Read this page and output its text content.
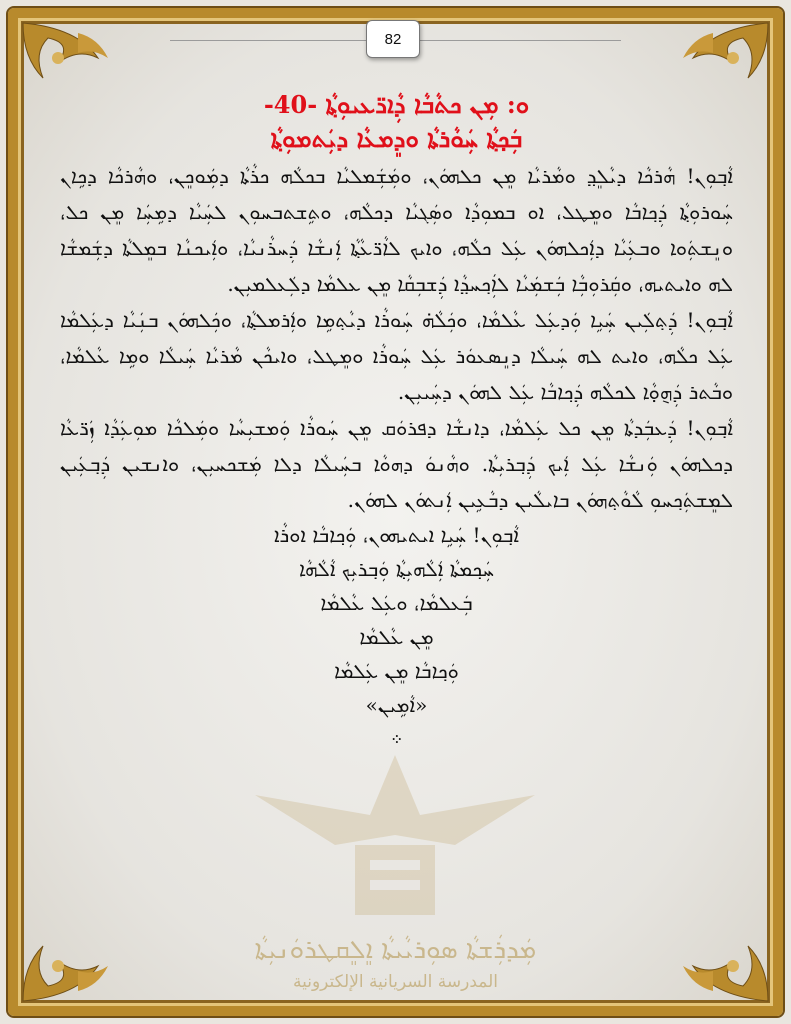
82
ܡܲܕܪܲܫܬܵܐ ܣܘܼܪܝܵܝܬܵܐ ܐܸܠܸܩܛܪܘܿܢܝܼܬܵܐ
المدرسة السريانية الإلكترونية

ܘ: ܡܼܢ ܟܬܵܒܵܐ ܕܼܵܐܪ̈ܥܝܘܼܬ݂ܵܐ -40-

ܒܲܟ̣ܬ݂ܵܐ ܚܲܘܵܪܬܵܐ ܘܕܸܡܥܵܐ ܕܝܲܬܡܘܼܬ݂ܵܐ

ܐܵܒ݂ܘܼܢ! ܗܵܪܟܵܐ ܕܝܵܠܸܕ݂ ܘܡܵܪܝܵܐ ܡܸܢ ܟܠܗܘܿܢ، ܘܡܲܫܲܡܠܝܵܐ ܒܟܠܵܗ ܟܪܵܬܵܐ ܕܡܲܘܟܸܢ، ܘܗܵܪܟܵܐ ܕܟܹܐܢ ܚܲܘܪܘܼܬ݂ܵܐ ܕܲܟ݂ܐܒܵܐ ܘܡܸܛܠ، ܐܘ ܒܡܘܼܕܵܐ ܘܣܲܓܝܵܐ ܕܟܠܵܗ، ܘܬܹܫܬܒܚܘܼܢ ܠܚܲܝܵܐ ܕܡܹܚܲܐ ܡܸܢ ܟܠ، ܘܢܸܫܬܲܘܐ ܘܒܥܲܝܵܐ ܕܐܲܟܠܗܘܿܢ ܥܲܠ ܟܠܵܗ، ܘܐܝܟ ܠܐܵܪ̈ܥܵܬ݂ܵܐ ܐܲܢܫܵܐ ܕܲܚܪܵܢܝܵܐ، ܘܐܲܝܟܢܵܐ ܒܡܸܠܬܵܐ ܕܫܲܡܫܵܐ ܠܗ ܘܐܝܬܝܗ، ܘܩܲܪܘܼܒܼܵܐ ܒܲܫܡܲܝܵܐ ܠܐܲܟ݂ܚܕ݂ܵܐ ܕܲܫܒܼܩܵܐ ܡܸܢ ܥܠܡܵܐ ܕܠܲܥܠܡܝܼܢ.

ܐܵܒ݂ܘܼܢ! ܕܲܬ݂ܠܲܝܢ ܚܲܝܹܐ ܘܲܕܥܲܠ ܥܵܠܡܵܐ، ܘܟܲܠܵܗ̇ ܚܲܘܪܵܐ ܕܝܵܬ݂ܡܹܐ ܘܐܲܪܡܠܬ݂ܵܐ، ܘܟܲܠܗܘܿܢ ܒܢܲܝܵܐ ܕܥܲܠܡܵܐ ܥܲܠ ܟܠܵܗ، ܘܐܝܬ ܠܗ ܚܲܝܠܵܐ ܕܢܸܣܥܘܿܪ ܥܲܠ ܚܲܘܪܵܐ ܘܡܸܛܠ، ܘܐܝܟܵܢ ܡܵܪܝܵܐ ܚܲܝܠܵܐ ܘܡܹܐ ܥܵܠܡܵܐ، ܘܒܵܬܪ ܕܲܗ݈ܘ̣ܵܐ ܠܟܠܵܗ ܕܲܟ݂ܐܒܵܐ ܥܲܠ ܠܗܘܿܢ ܕܚܲܝܝܼܢ.

ܐܵܒ݂ܘܼܢ! ܕܲܥܒܲܕܬܵܐ ܡܸܢ ܟܠ ܥܲܠܡܵܐ، ܕܐܢܫܵܐ ܕܦܪܘܿܩ ܡܸܢ ܚܲܘܪܵܐ ܘܲܡܫܝܼܚܵܐ ܘܡܲܠܟܵܐ ܡܘܼܥܲܕܵܐ ܙܲܪ̈ܥܵܐ ܕܟܠܗܘܿܢ ܘܲܢܫܵܐ ܥܲܠ ܐܲܝܟ ܕܲܒ݂ܪܝܼܬܵܐ. ܘܗܵܢܘܿ ܕܗܘܵܐ ܒܚܲܝܠܵܐ ܕܠܐ ܡܲܫܟܚܝܼܢ، ܘܐܢܫܝܢ ܕܲܒ݂ܥܲܝܢ ܠܡܸܫܬܲܟ݂ܚܘܼ ܠܵܘܵܬ݂ܗܘܿܢ ܒܐܝܠܵܝܢ ܕܒܵܥܹܝܢ ܐܲܢܬܘܿܢ ܠܗܘܿܢ.

ܐܵܒ݂ܘܼܢ! ܚܲܝܹܐ ܐܝܬܝܗܘܢ، ܘܲܟ݂ܐܒܵܐ ܐܘܪܵܐ

ܚܲܟ݂ܡܬܵܐ ܐܲܠܵܗܝܼܬ݂ܵܐ ܘܲܒ݂ܪܝܼܟ ܐܵܠܵܗܵܐ

ܒܲܥܠܡܵܐ، ܘܥܲܠ ܥܵܠܡܵܐ

ܡܸܢ ܥܵܠܡܵܐ

ܘܲܟ݂ܐܒܵܐ ܡܸܢ ܥܲܠܡܵܐ

«ܐܵܡܹܝܢ»

܀
